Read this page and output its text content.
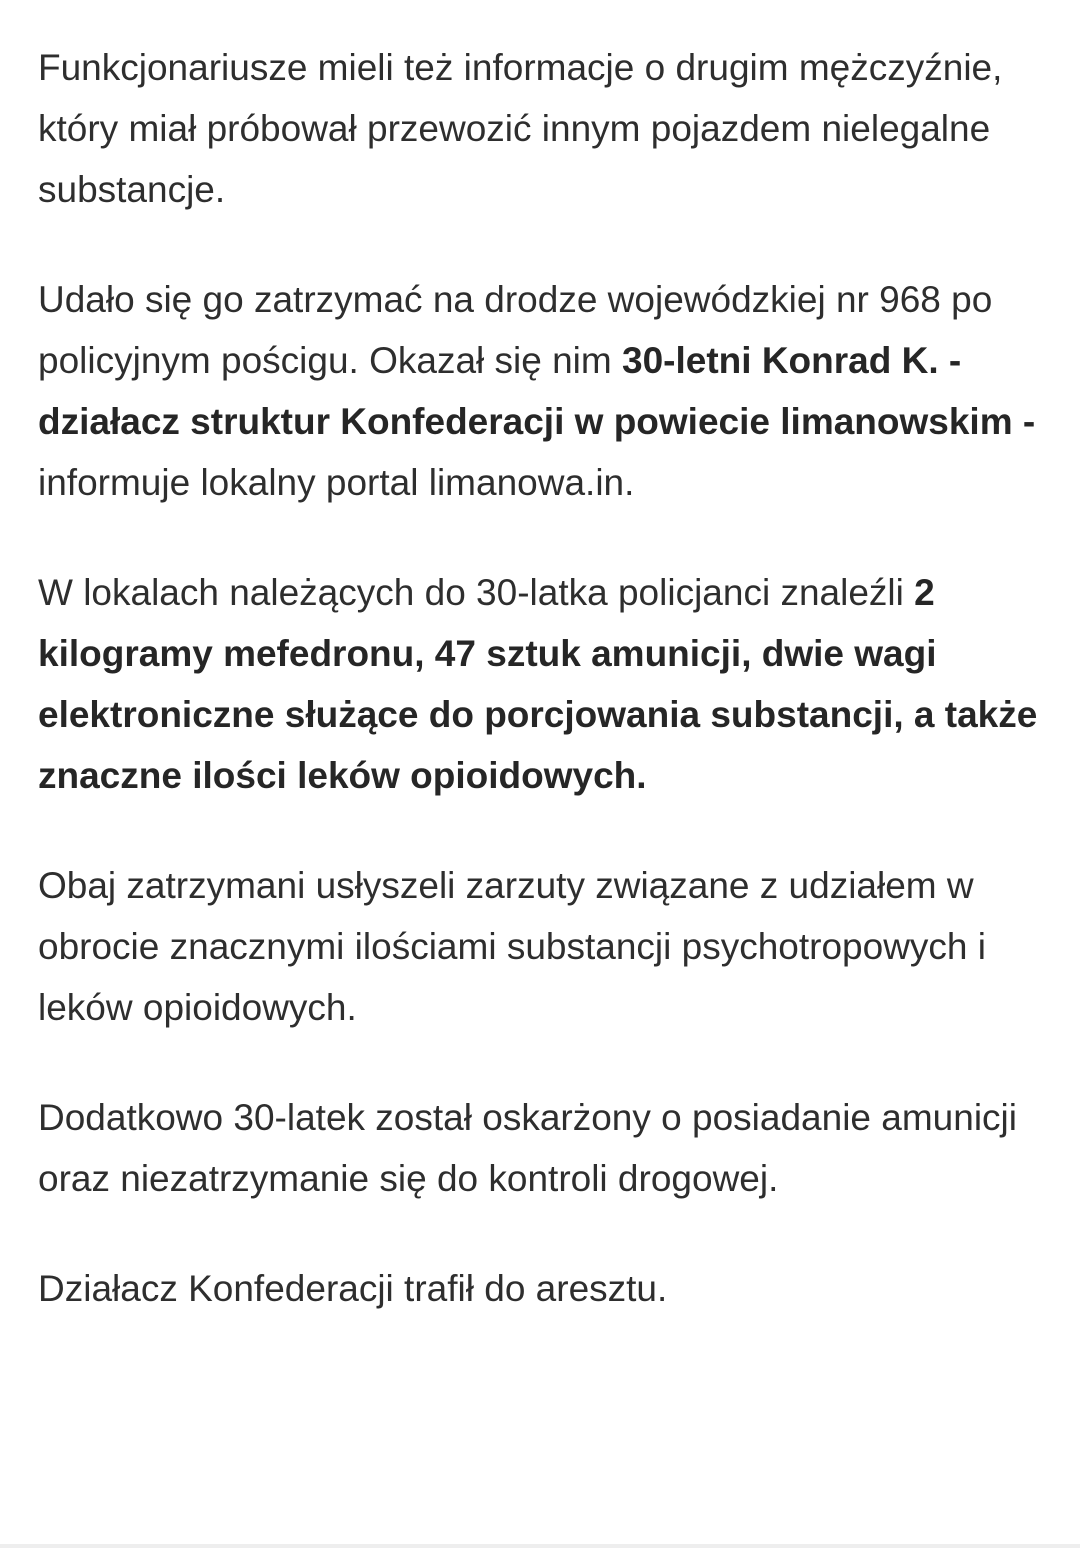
Funkcjonariusze mieli też informacje o drugim mężczyźnie, który miał próbował przewozić innym pojazdem nielegalne substancje.

Udało się go zatrzymać na drodze wojewódzkiej nr 968 po policyjnym pościgu. Okazał się nim 30-letni Konrad K. - działacz struktur Konfederacji w powiecie limanowskim - informuje lokalny portal limanowa.in.

W lokalach należących do 30-latka policjanci znaleźli 2 kilogramy mefedronu, 47 sztuk amunicji, dwie wagi elektroniczne służące do porcjowania substancji, a także znaczne ilości leków opioidowych.

Obaj zatrzymani usłyszeli zarzuty związane z udziałem w obrocie znacznymi ilościami substancji psychotropowych i leków opioidowych.

Dodatkowo 30-latek został oskarżony o posiadanie amunicji oraz niezatrzymanie się do kontroli drogowej.

Działacz Konfederacji trafił do aresztu.
